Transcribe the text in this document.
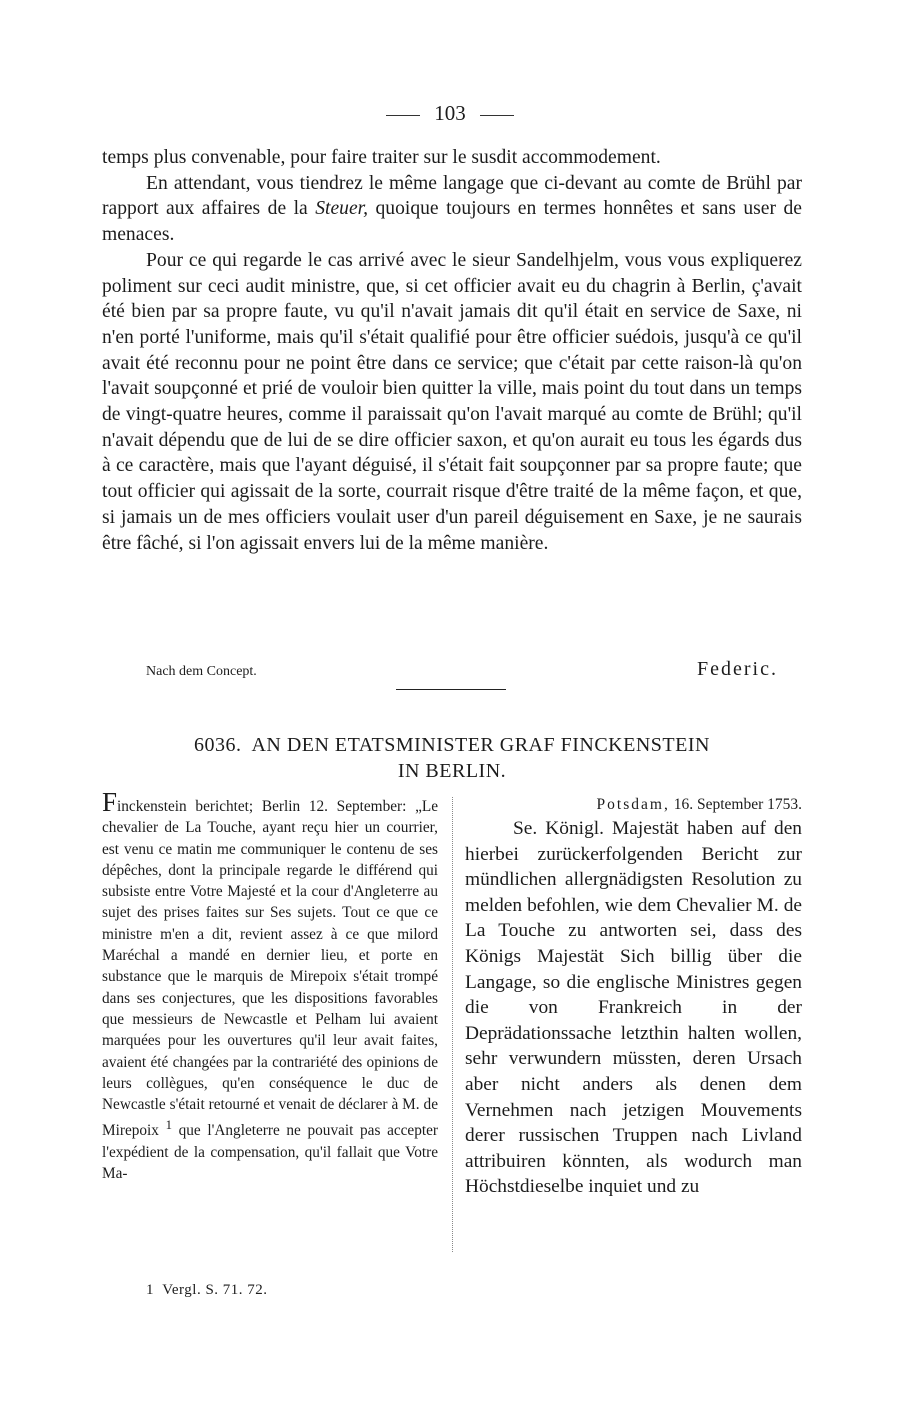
103

temps plus convenable, pour faire traiter sur le susdit accommodement.

En attendant, vous tiendrez le même langage que ci-devant au comte de Brühl par rapport aux affaires de la Steuer, quoique toujours en termes honnêtes et sans user de menaces.

Pour ce qui regarde le cas arrivé avec le sieur Sandelhjelm, vous vous expliquerez poliment sur ceci audit ministre, que, si cet officier avait eu du chagrin à Berlin, ç'avait été bien par sa propre faute, vu qu'il n'avait jamais dit qu'il était en service de Saxe, ni n'en porté l'uniforme, mais qu'il s'était qualifié pour être officier suédois, jusqu'à ce qu'il avait été reconnu pour ne point être dans ce service; que c'était par cette raison-là qu'on l'avait soupçonné et prié de vouloir bien quitter la ville, mais point du tout dans un temps de vingt-quatre heures, comme il paraissait qu'on l'avait marqué au comte de Brühl; qu'il n'avait dépendu que de lui de se dire officier saxon, et qu'on aurait eu tous les égards dus à ce caractère, mais que l'ayant déguisé, il s'était fait soupçonner par sa propre faute; que tout officier qui agissait de la sorte, courrait risque d'être traité de la même façon, et que, si jamais un de mes officiers voulait user d'un pareil déguisement en Saxe, je ne saurais être fâché, si l'on agissait envers lui de la même manière.

Nach dem Concept.	Federic.
6036. AN DEN ETATSMINISTER GRAF FINCKENSTEIN
IN BERLIN.
Finckenstein berichtet; Berlin 12. September: „Le chevalier de La Touche, ayant reçu hier un courrier, est venu ce matin me communiquer le contenu de ses dépêches, dont la principale regarde le différend qui subsiste entre Votre Majesté et la cour d'Angleterre au sujet des prises faites sur Ses sujets. Tout ce que ce ministre m'en a dit, revient assez à ce que milord Maréchal a mandé en dernier lieu, et porte en substance que le marquis de Mirepoix s'était trompé dans ses conjectures, que les dispositions favorables que messieurs de Newcastle et Pelham lui avaient marquées pour les ouvertures qu'il leur avait faites, avaient été changées par la contrariété des opinions de leurs collègues, qu'en conséquence le duc de Newcastle s'était retourné et venait de déclarer à M. de Mirepoix $^1$ que l'Angleterre ne pouvait pas accepter l'expédient de la compensation, qu'il fallait que Votre Ma-
Potsdam, 16. September 1753.
Se. Königl. Majestät haben auf den hierbei zurückerfolgenden Bericht zur mündlichen allergnädigsten Resolution zu melden befohlen, wie dem Chevalier M. de La Touche zu antworten sei, dass des Königs Majestät Sich billig über die Langage, so die englische Ministres gegen die von Frankreich in der Deprädationssache letzthin halten wollen, sehr verwundern müssten, deren Ursach aber nicht anders als denen dem Vernehmen nach jetzigen Mouvements derer russischen Truppen nach Livland attribuiren könnten, als wodurch man Höchstdieselbe inquiet und zu
1 Vergl. S. 71. 72.
